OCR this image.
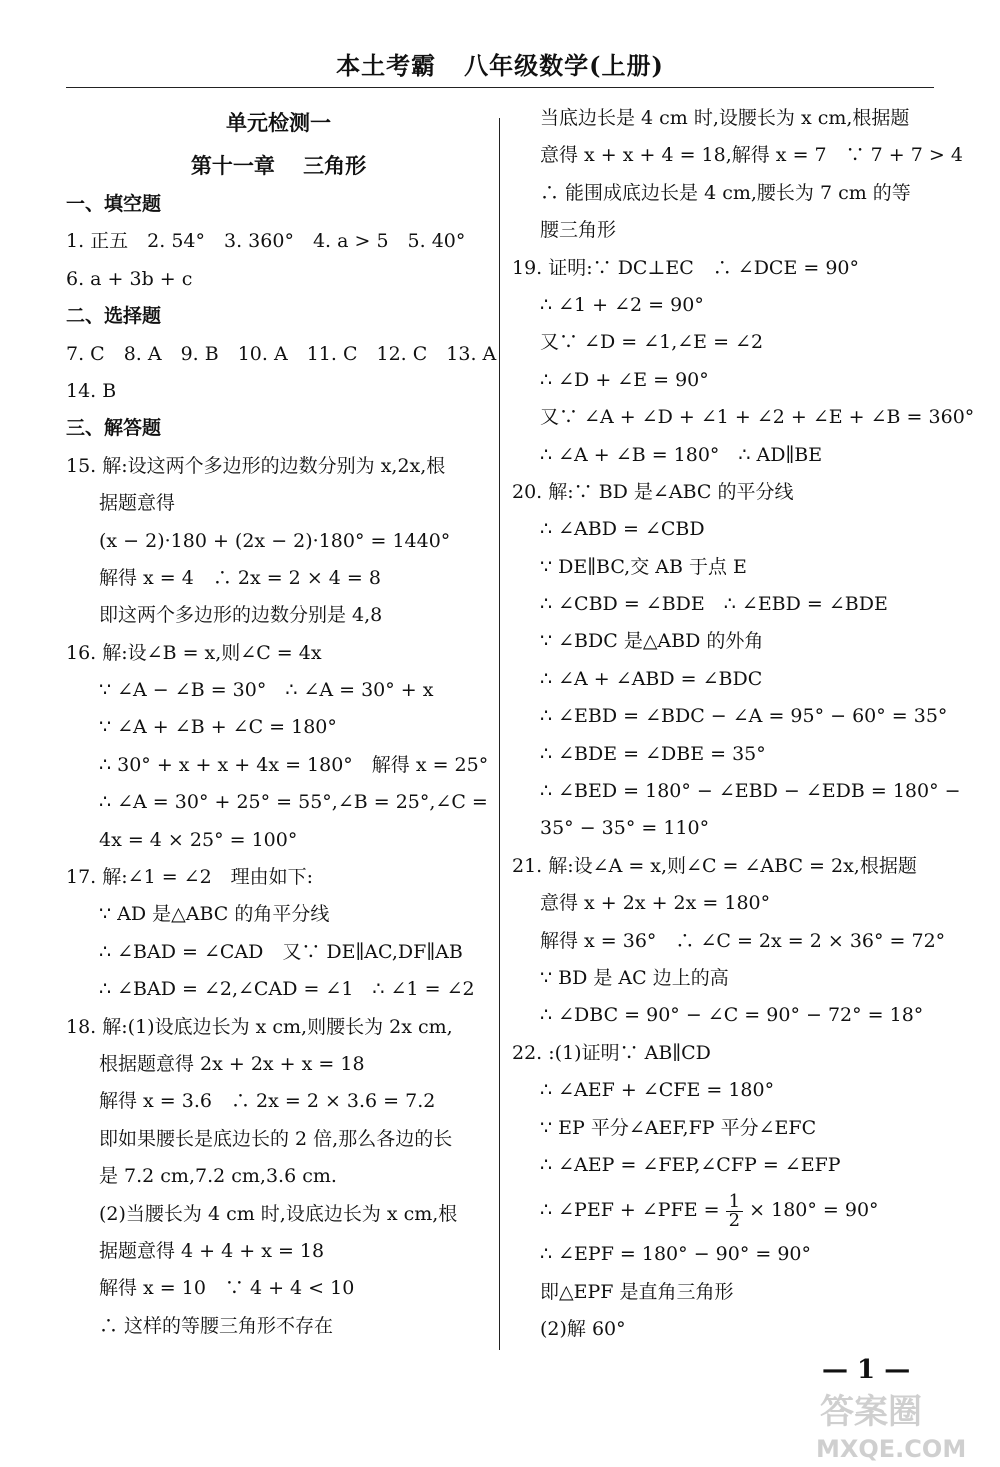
本土考霸 八年级数学(上册)
单元检测一
第十一章　 三角形
一、填空题
1. 正五　2. 54°　3. 360°　4. a > 5　5. 40°
6. a + 3b + c
二、选择题
7. C　8. A　9. B　10. A　11. C　12. C　13. A
14. B
三、解答题
15. 解:设这两个多边形的边数分别为 x,2x,根
据题意得
(x − 2)·180 + (2x − 2)·180° = 1440°
解得 x = 4　∴ 2x = 2 × 4 = 8
即这两个多边形的边数分别是 4,8
16. 解:设∠B = x,则∠C = 4x
∵ ∠A − ∠B = 30°　∴ ∠A = 30° + x
∵ ∠A + ∠B + ∠C = 180°
∴ 30° + x + x + 4x = 180°　解得 x = 25°
∴ ∠A = 30° + 25° = 55°,∠B = 25°,∠C =
4x = 4 × 25° = 100°
17. 解:∠1 = ∠2　理由如下:
∵ AD 是△ABC 的角平分线
∴ ∠BAD = ∠CAD　又∵ DE∥AC,DF∥AB
∴ ∠BAD = ∠2,∠CAD = ∠1　∴ ∠1 = ∠2
18. 解:(1)设底边长为 x cm,则腰长为 2x cm,
根据题意得 2x + 2x + x = 18
解得 x = 3.6　∴ 2x = 2 × 3.6 = 7.2
即如果腰长是底边长的 2 倍,那么各边的长
是 7.2 cm,7.2 cm,3.6 cm.
(2)当腰长为 4 cm 时,设底边长为 x cm,根
据题意得 4 + 4 + x = 18
解得 x = 10　∵ 4 + 4 < 10
∴ 这样的等腰三角形不存在
当底边长是 4 cm 时,设腰长为 x cm,根据题
意得 x + x + 4 = 18,解得 x = 7　∵ 7 + 7 > 4
∴ 能围成底边长是 4 cm,腰长为 7 cm 的等
腰三角形
19. 证明:∵ DC⊥EC　∴ ∠DCE = 90°
∴ ∠1 + ∠2 = 90°
又∵ ∠D = ∠1,∠E = ∠2
∴ ∠D + ∠E = 90°
又∵ ∠A + ∠D + ∠1 + ∠2 + ∠E + ∠B = 360°
∴ ∠A + ∠B = 180°　∴ AD∥BE
20. 解:∵ BD 是∠ABC 的平分线
∴ ∠ABD = ∠CBD
∵ DE∥BC,交 AB 于点 E
∴ ∠CBD = ∠BDE　∴ ∠EBD = ∠BDE
∵ ∠BDC 是△ABD 的外角
∴ ∠A + ∠ABD = ∠BDC
∴ ∠EBD = ∠BDC − ∠A = 95° − 60° = 35°
∴ ∠BDE = ∠DBE = 35°
∴ ∠BED = 180° − ∠EBD − ∠EDB = 180° −
35° − 35° = 110°
21. 解:设∠A = x,则∠C = ∠ABC = 2x,根据题
意得 x + 2x + 2x = 180°
解得 x = 36°　∴ ∠C = 2x = 2 × 36° = 72°
∵ BD 是 AC 边上的高
∴ ∠DBC = 90° − ∠C = 90° − 72° = 18°
22. :(1)证明∵ AB∥CD
∴ ∠AEF + ∠CFE = 180°
∵ EP 平分∠AEF,FP 平分∠EFC
∴ ∠AEP = ∠FEP,∠CFP = ∠EFP
∴ ∠PEF + ∠PFE = $\frac{1}{2} \times 180^\circ = 90^\circ$
∴ ∠EPF = 180° − 90° = 90°
即△EPF 是直角三角形
(2)解 60°
— 1 —
答案圈
MXQE.COM
